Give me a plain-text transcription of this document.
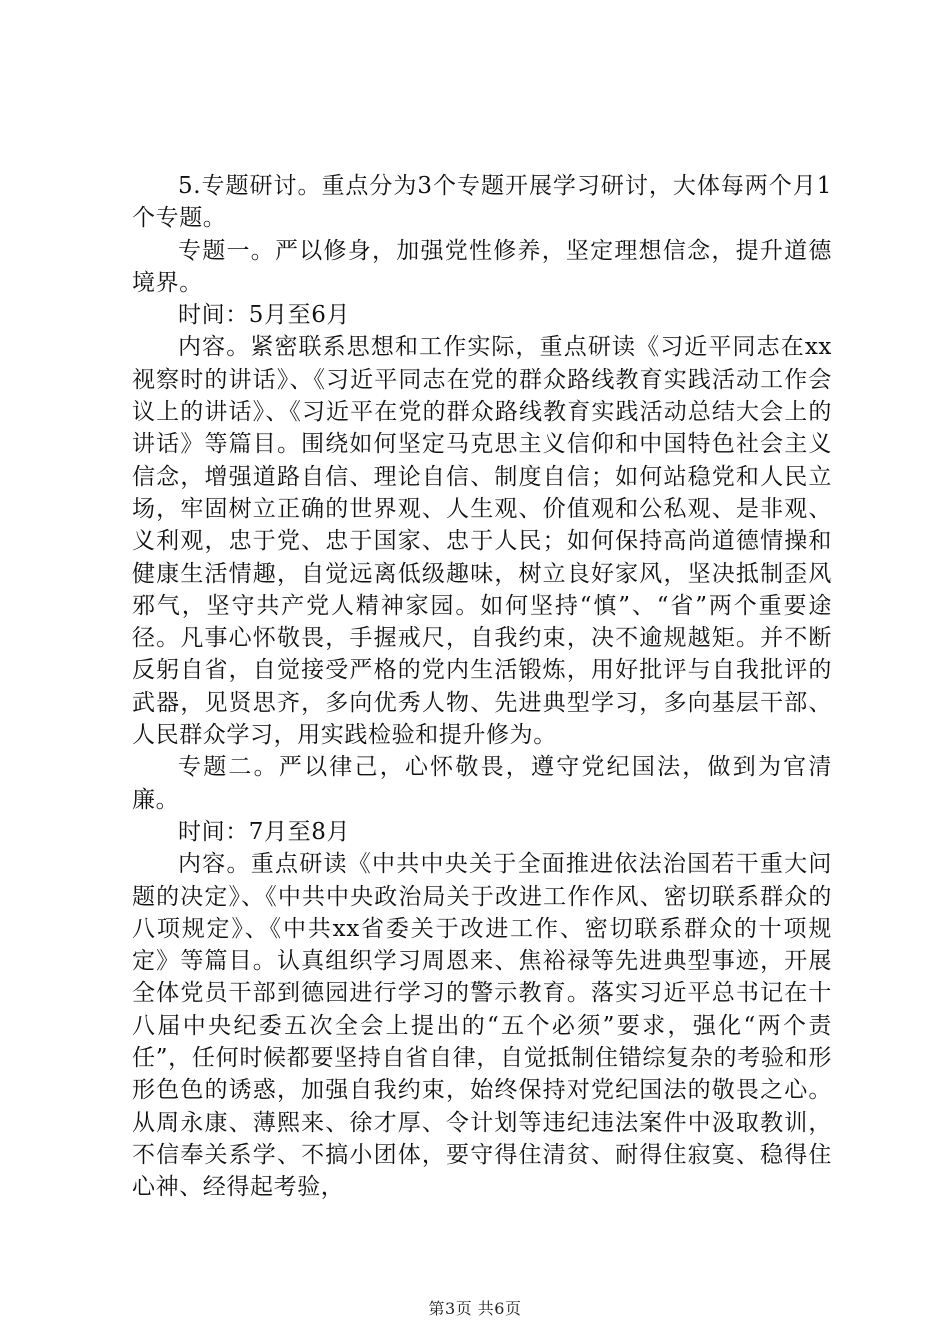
5.专题研讨。重点分为3个专题开展学习研讨，大体每两个月1个专题。

专题一。严以修身，加强党性修养，坚定理想信念，提升道德境界。

时间：5月至6月

内容。紧密联系思想和工作实际，重点研读《习近平同志在xx视察时的讲话》、《习近平同志在党的群众路线教育实践活动工作会议上的讲话》、《习近平在党的群众路线教育实践活动总结大会上的讲话》等篇目。围绕如何坚定马克思主义信仰和中国特色社会主义信念，增强道路自信、理论自信、制度自信；如何站稳党和人民立场，牢固树立正确的世界观、人生观、价值观和公私观、是非观、义利观，忠于党、忠于国家、忠于人民；如何保持高尚道德情操和健康生活情趣，自觉远离低级趣味，树立良好家风，坚决抵制歪风邪气，坚守共产党人精神家园。如何坚持“慎”、“省”两个重要途径。凡事心怀敬畏，手握戒尺，自我约束，决不逾规越矩。并不断反躬自省，自觉接受严格的党内生活锻炼，用好批评与自我批评的武器，见贤思齐，多向优秀人物、先进典型学习，多向基层干部、人民群众学习，用实践检验和提升修为。

专题二。严以律己，心怀敬畏，遵守党纪国法，做到为官清廉。

时间：7月至8月

内容。重点研读《中共中央关于全面推进依法治国若干重大问题的决定》、《中共中央政治局关于改进工作作风、密切联系群众的八项规定》、《中共xx省委关于改进工作、密切联系群众的十项规定》等篇目。认真组织学习周恩来、焦裕禄等先进典型事迹，开展全体党员干部到德园进行学习的警示教育。落实习近平总书记在十八届中央纪委五次全会上提出的“五个必须”要求，强化“两个责任”，任何时候都要坚持自省自律，自觉抵制住错综复杂的考验和形形色色的诱惑，加强自我约束，始终保持对党纪国法的敬畏之心。从周永康、薄熙来、徐才厚、令计划等违纪违法案件中汲取教训，不信奉关系学、不搞小团体，要守得住清贫、耐得住寂寞、稳得住心神、经得起考验，

第3页 共6页
